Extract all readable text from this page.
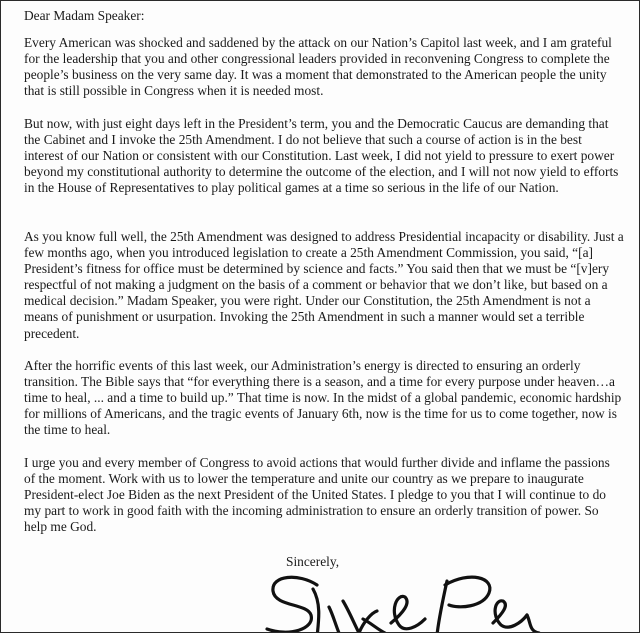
Dear Madam Speaker:

Every American was shocked and saddened by the attack on our Nation’s Capitol last week, and I am grateful for the leadership that you and other congressional leaders provided in reconvening Congress to complete the people’s business on the very same day. It was a moment that demonstrated to the American people the unity that is still possible in Congress when it is needed most.

But now, with just eight days left in the President’s term, you and the Democratic Caucus are demanding that the Cabinet and I invoke the 25th Amendment. I do not believe that such a course of action is in the best interest of our Nation or consistent with our Constitution. Last week, I did not yield to pressure to exert power beyond my constitutional authority to determine the outcome of the election, and I will not now yield to efforts in the House of Representatives to play political games at a time so serious in the life of our Nation.

As you know full well, the 25th Amendment was designed to address Presidential incapacity or disability. Just a few months ago, when you introduced legislation to create a 25th Amendment Commission, you said, “[a] President’s fitness for office must be determined by science and facts.” You said then that we must be “[v]ery respectful of not making a judgment on the basis of a comment or behavior that we don’t like, but based on a medical decision.” Madam Speaker, you were right. Under our Constitution, the 25th Amendment is not a means of punishment or usurpation. Invoking the 25th Amendment in such a manner would set a terrible precedent.

After the horrific events of this last week, our Administration’s energy is directed to ensuring an orderly transition. The Bible says that “for everything there is a season, and a time for every purpose under heaven…a time to heal, ... and a time to build up.” That time is now. In the midst of a global pandemic, economic hardship for millions of Americans, and the tragic events of January 6th, now is the time for us to come together, now is the time to heal.

I urge you and every member of Congress to avoid actions that would further divide and inflame the passions of the moment. Work with us to lower the temperature and unite our country as we prepare to inaugurate President-elect Joe Biden as the next President of the United States. I pledge to you that I will continue to do my part to work in good faith with the incoming administration to ensure an orderly transition of power. So help me God.

Sincerely,
